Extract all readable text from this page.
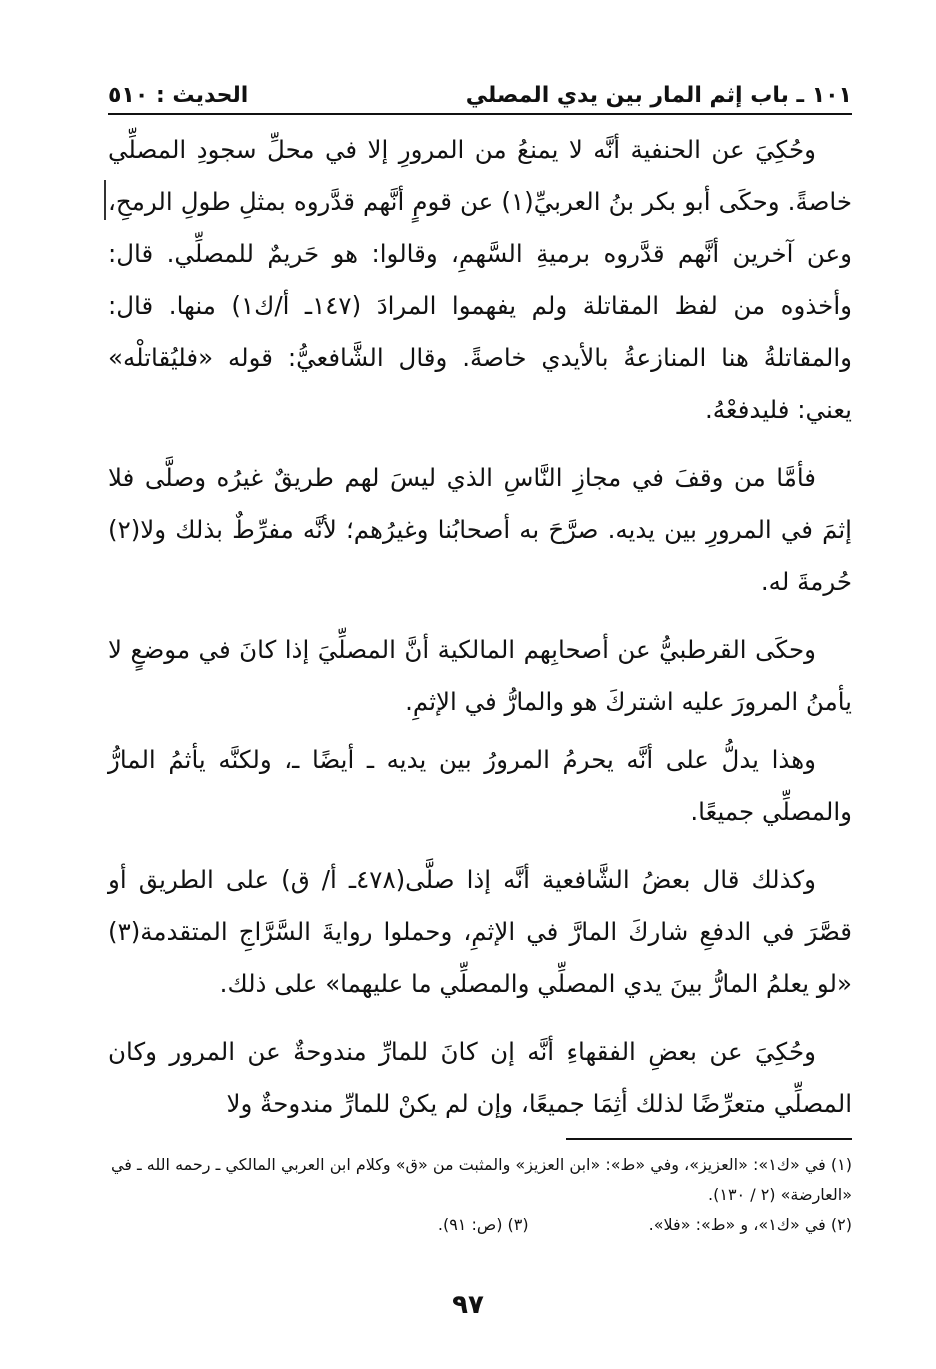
١٠١ ـ باب إثم المار بين يدي المصلي
الحديث : ٥١٠

وحُكِيَ عن الحنفية أنَّه لا يمنعُ من المرورِ إلا في محلِّ سجودِ المصلِّي خاصةً. وحكَى أبو بكر بنُ العربيِّ(١) عن قومٍ أنَّهم قدَّروه بمثلِ طولِ الرمحِ، وعن آخرين أنَّهم قدَّروه برميةِ السَّهمِ، وقالوا: هو حَريمٌ للمصلِّي. قال: وأخذوه من لفظ المقاتلة ولم يفهموا المرادَ (١٤٧ـ أ/ك١) منها. قال: والمقاتلةُ هنا المنازعةُ بالأيدي خاصةً. وقال الشَّافعيُّ: قوله «فليُقاتلْه» يعني: فليدفعْهُ.

فأمَّا من وقفَ في مجازِ النَّاسِ الذي ليسَ لهم طريقٌ غيرُه وصلَّى فلا إثمَ في المرورِ بين يديه. صرَّحَ به أصحابُنا وغيرُهم؛ لأنَّه مفرِّطٌ بذلك ولا(٢) حُرمةَ له.

وحكَى القرطبيُّ عن أصحابِهم المالكية أنَّ المصلِّيَ إذا كانَ في موضعٍ لا يأمنُ المرورَ عليه اشتركَ هو والمارُّ في الإثمِ.

وهذا يدلُّ على أنَّه يحرمُ المرورُ بين يديه ـ أيضًا ـ، ولكنَّه يأثمُ المارُّ والمصلِّي جميعًا.

وكذلك قال بعضُ الشَّافعية أنَّه إذا صلَّى(٤٧٨ـ أ/ ق) على الطريق أو قصَّرَ في الدفعِ شاركَ المارَّ في الإثمِ، وحملوا روايةَ السَّرَّاجِ المتقدمة(٣) «لو يعلمُ المارُّ بينَ يدي المصلِّي والمصلِّي ما عليهما» على ذلك.

وحُكِيَ عن بعضِ الفقهاءِ أنَّه إن كانَ للمارِّ مندوحةٌ عن المرور وكان المصلِّي متعرِّضًا لذلك أثِمَا جميعًا، وإن لم يكنْ للمارِّ مندوحةٌ ولا

(١) في «ك١»: «العزيز»، وفي «ط»: «ابن العزيز» والمثبت من «ق» وكلام ابن العربي المالكي ـ رحمه الله ـ في «العارضة» (٢ / ١٣٠).

(٢) في «ك١»، و «ط»: «فلا».
(٣) (ص: ٩١).
٩٧
